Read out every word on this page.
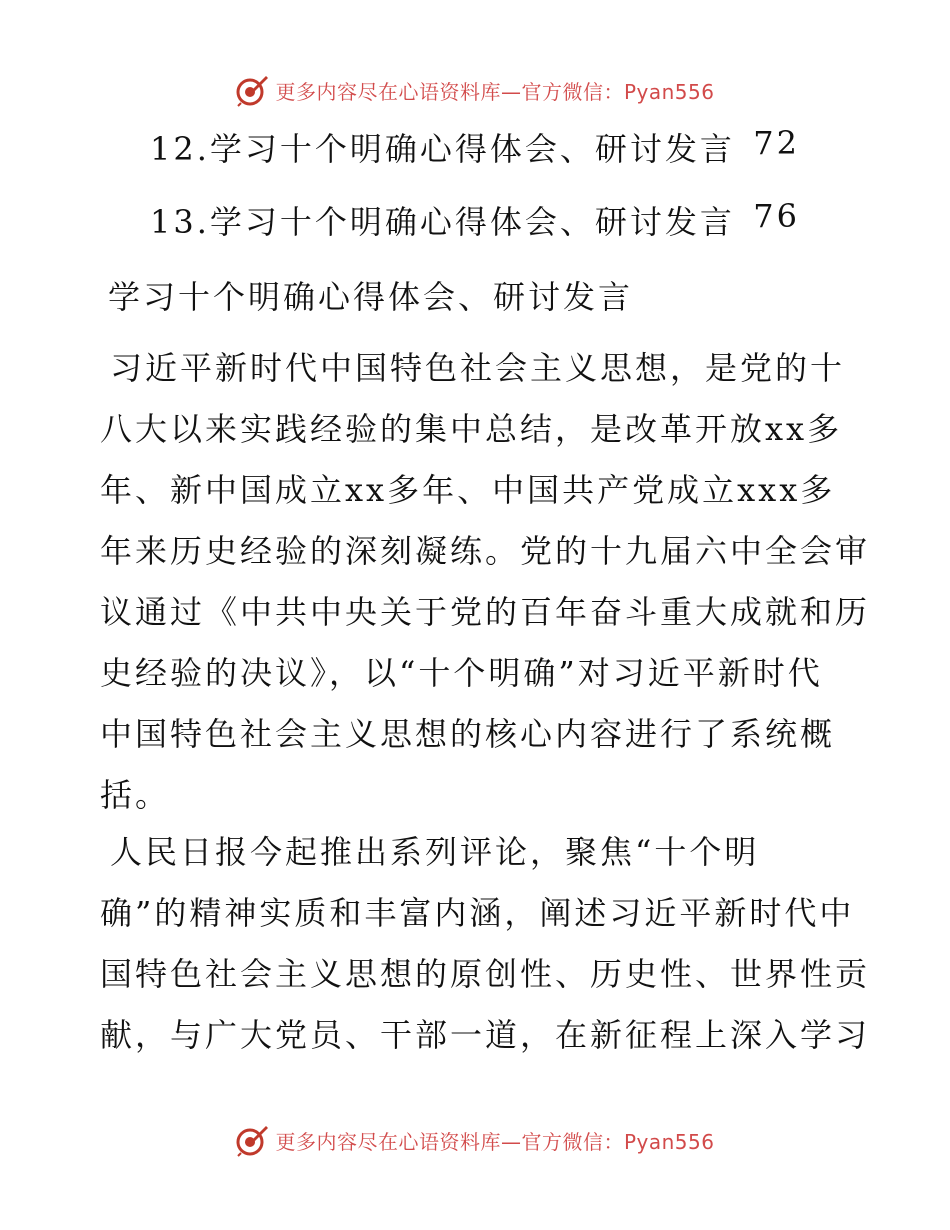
更多内容尽在心语资料库—官方微信：Pyan556
12.学习十个明确心得体会、研讨发言 72
13.学习十个明确心得体会、研讨发言 76
学习十个明确心得体会、研讨发言
习近平新时代中国特色社会主义思想，是党的十
八大以来实践经验的集中总结，是改革开放xx多
年、新中国成立xx多年、中国共产党成立xxx多
年来历史经验的深刻凝练。党的十九届六中全会审
议通过《中共中央关于党的百年奋斗重大成就和历
史经验的决议》，以“十个明确”对习近平新时代
中国特色社会主义思想的核心内容进行了系统概
括。
人民日报今起推出系列评论，聚焦“十个明
确”的精神实质和丰富内涵，阐述习近平新时代中
国特色社会主义思想的原创性、历史性、世界性贡
献，与广大党员、干部一道，在新征程上深入学习
更多内容尽在心语资料库—官方微信：Pyan556
